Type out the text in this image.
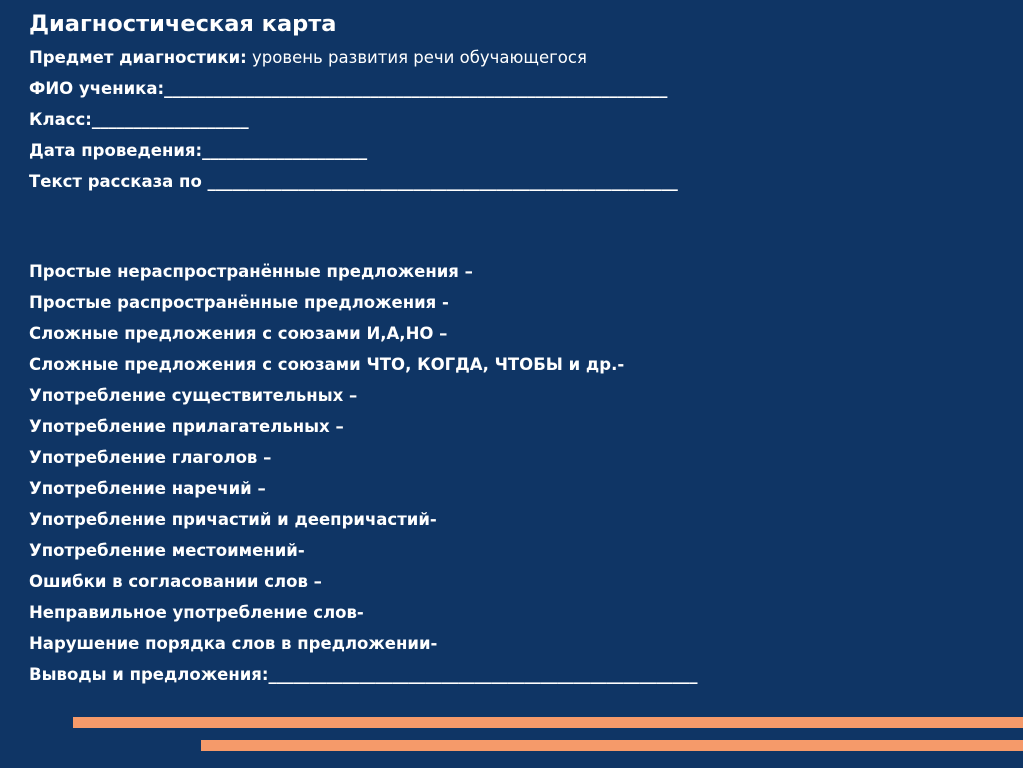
Диагностическая карта
Предмет диагностики: уровень развития речи обучающегося
ФИО ученика:_____________________________________________________________
Класс:___________________
Дата проведения:____________________
Текст рассказа по _________________________________________________________
Простые нераспространённые предложения –
Простые распространённые предложения -
Сложные предложения с союзами И,А,НО –
Сложные предложения с союзами ЧТО, КОГДА, ЧТОБЫ и др.-
Употребление существительных –
Употребление прилагательных –
Употребление глаголов –
Употребление наречий –
Употребление причастий и деепричастий-
Употребление местоимений-
Ошибки в согласовании слов –
Неправильное употребление слов-
Нарушение порядка слов в предложении-
Выводы и предложения:____________________________________________________
